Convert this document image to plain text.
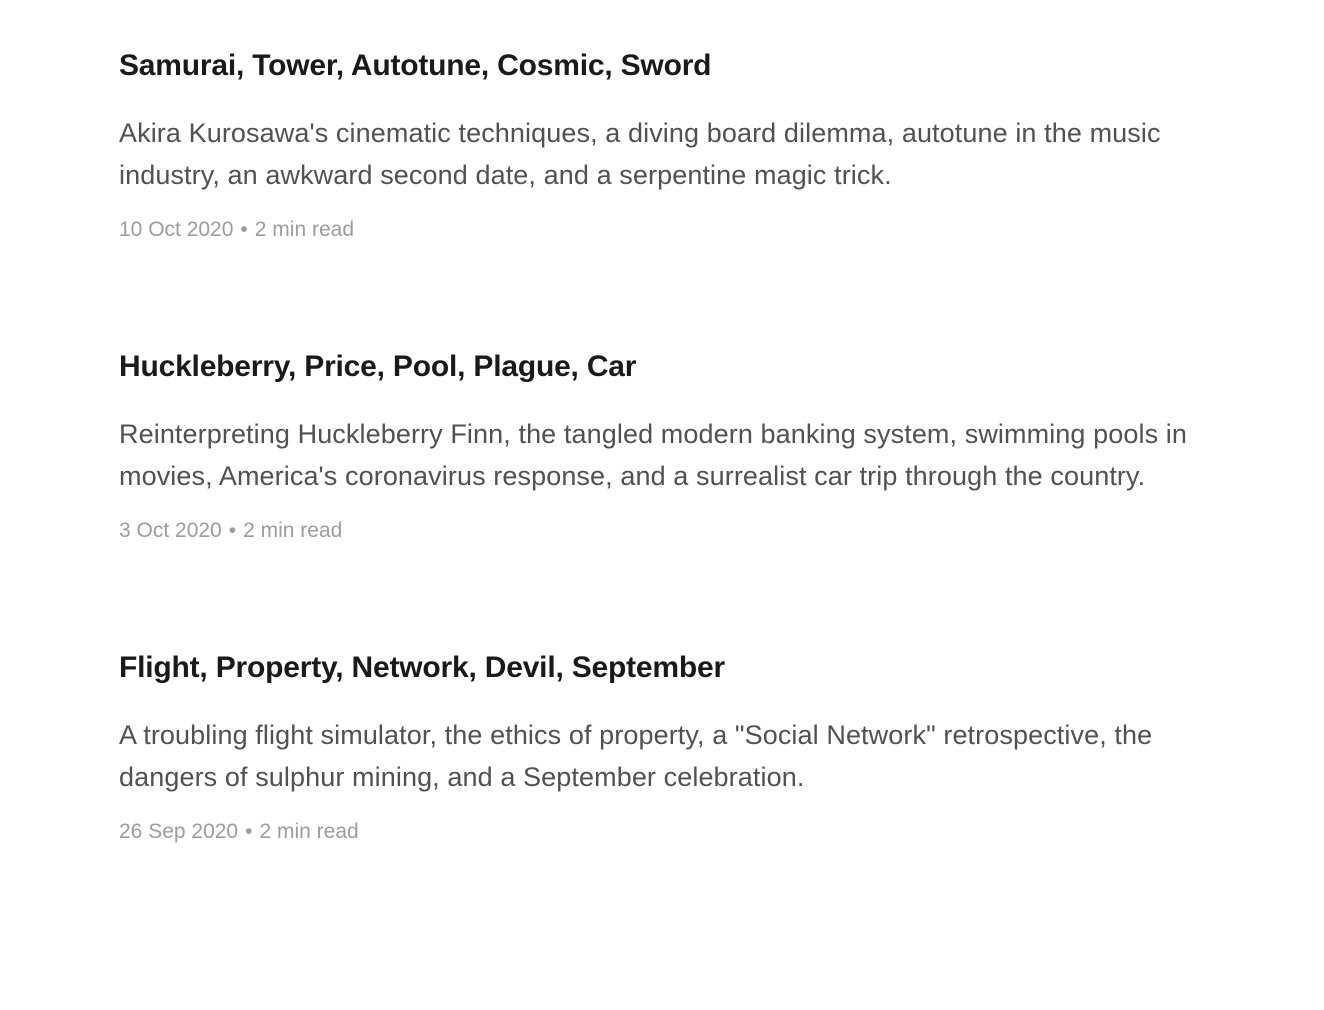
Samurai, Tower, Autotune, Cosmic, Sword
Akira Kurosawa's cinematic techniques, a diving board dilemma, autotune in the music
industry, an awkward second date, and a serpentine magic trick.
10 Oct 2020 • 2 min read
Huckleberry, Price, Pool, Plague, Car
Reinterpreting Huckleberry Finn, the tangled modern banking system, swimming pools in
movies, America's coronavirus response, and a surrealist car trip through the country.
3 Oct 2020 • 2 min read
Flight, Property, Network, Devil, September
A troubling flight simulator, the ethics of property, a "Social Network" retrospective, the
dangers of sulphur mining, and a September celebration.
26 Sep 2020 • 2 min read
